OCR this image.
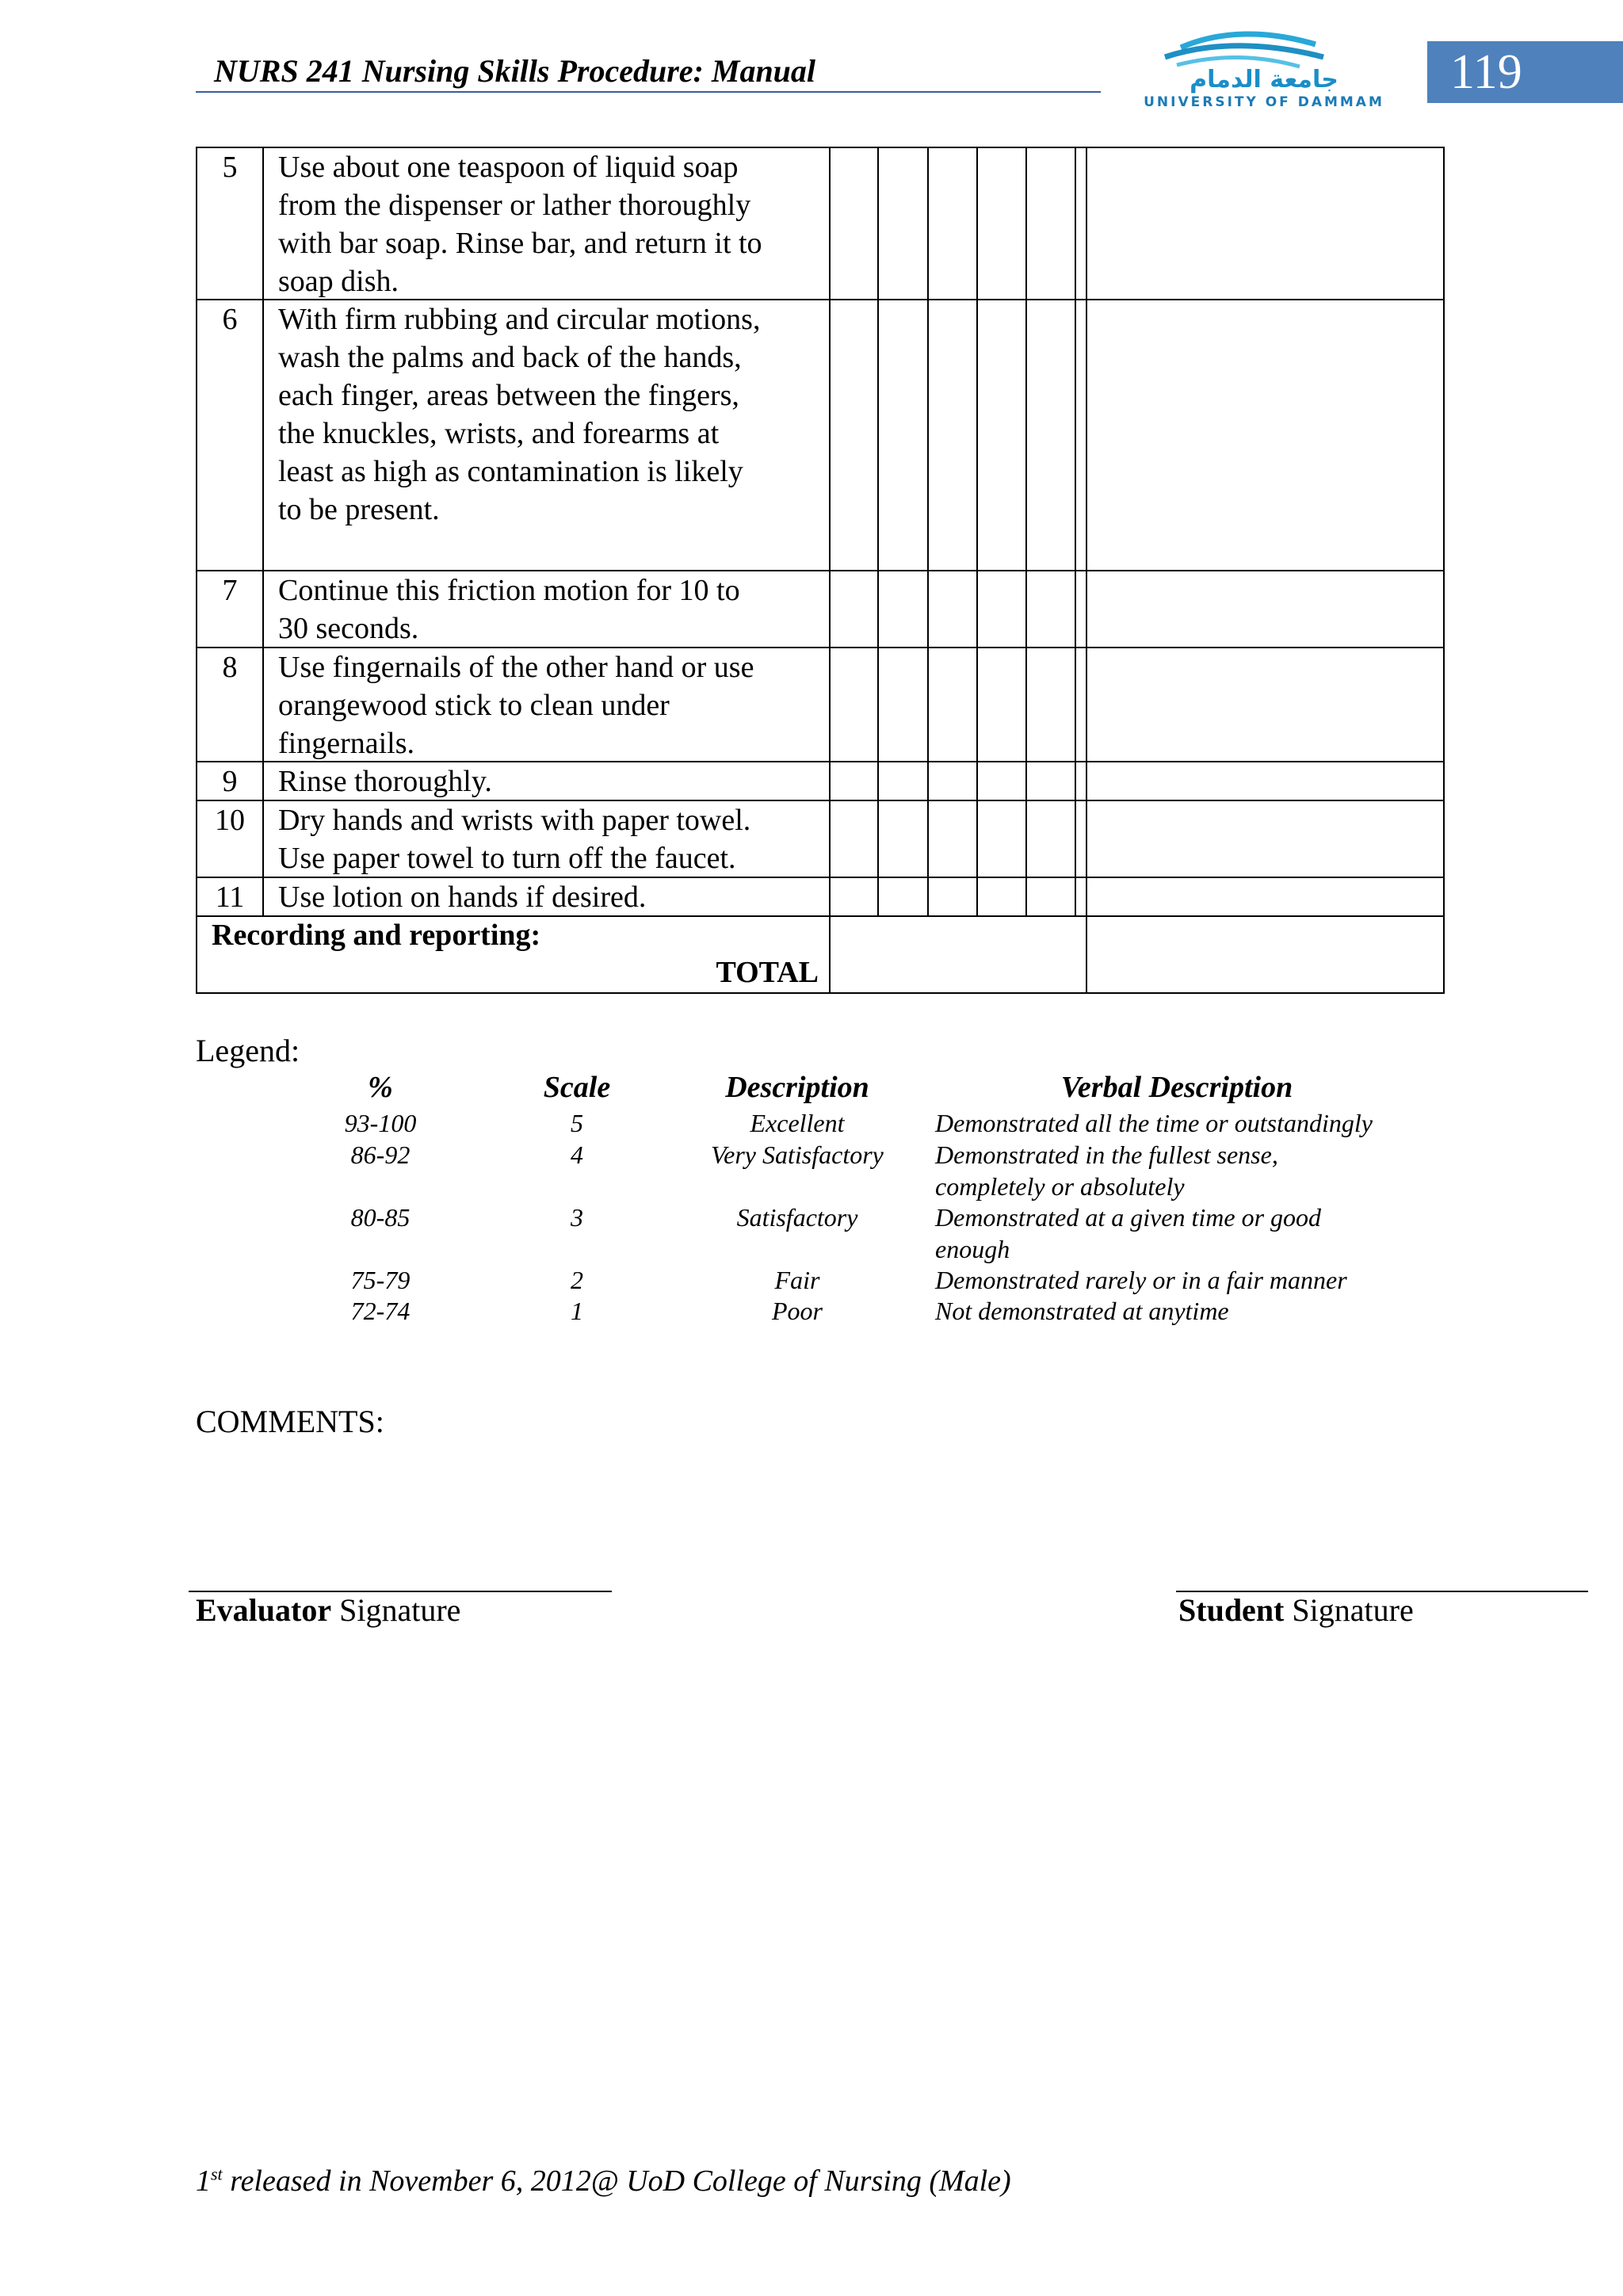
NURS 241 Nursing Skills Procedure: Manual	جامعة الدمام
UNIVERSITY OF DAMMAM
119
5	Use about one teaspoon of liquid soap
from the dispenser or lather thoroughly
with bar soap. Rinse bar, and return it to
soap dish.
6	With firm rubbing and circular motions,
wash the palms and back of the hands,
each finger, areas between the fingers,
the knuckles, wrists, and forearms at
least as high as contamination is likely
to be present.
7	Continue this friction motion for 10 to
30 seconds.
8	Use fingernails of the other hand or use
orangewood stick to clean under
fingernails.
9	Rinse thoroughly.
10	Dry hands and wrists with paper towel.
Use paper towel to turn off the faucet.
11	Use lotion on hands if desired.
Recording and reporting:
TOTAL
Legend:
%	Scale	Description	Verbal Description
93-100	5	Excellent	Demonstrated all the time or outstandingly
86-92	4	Very Satisfactory	Demonstrated in the fullest sense,
completely or absolutely
80-85	3	Satisfactory	Demonstrated at a given time or good
enough
75-79	2	Fair	Demonstrated rarely or in a fair manner
72-74	1	Poor	Not demonstrated at anytime
COMMENTS:
Evaluator Signature	Student Signature
1st released in November 6, 2012@ UoD College of Nursing (Male)
